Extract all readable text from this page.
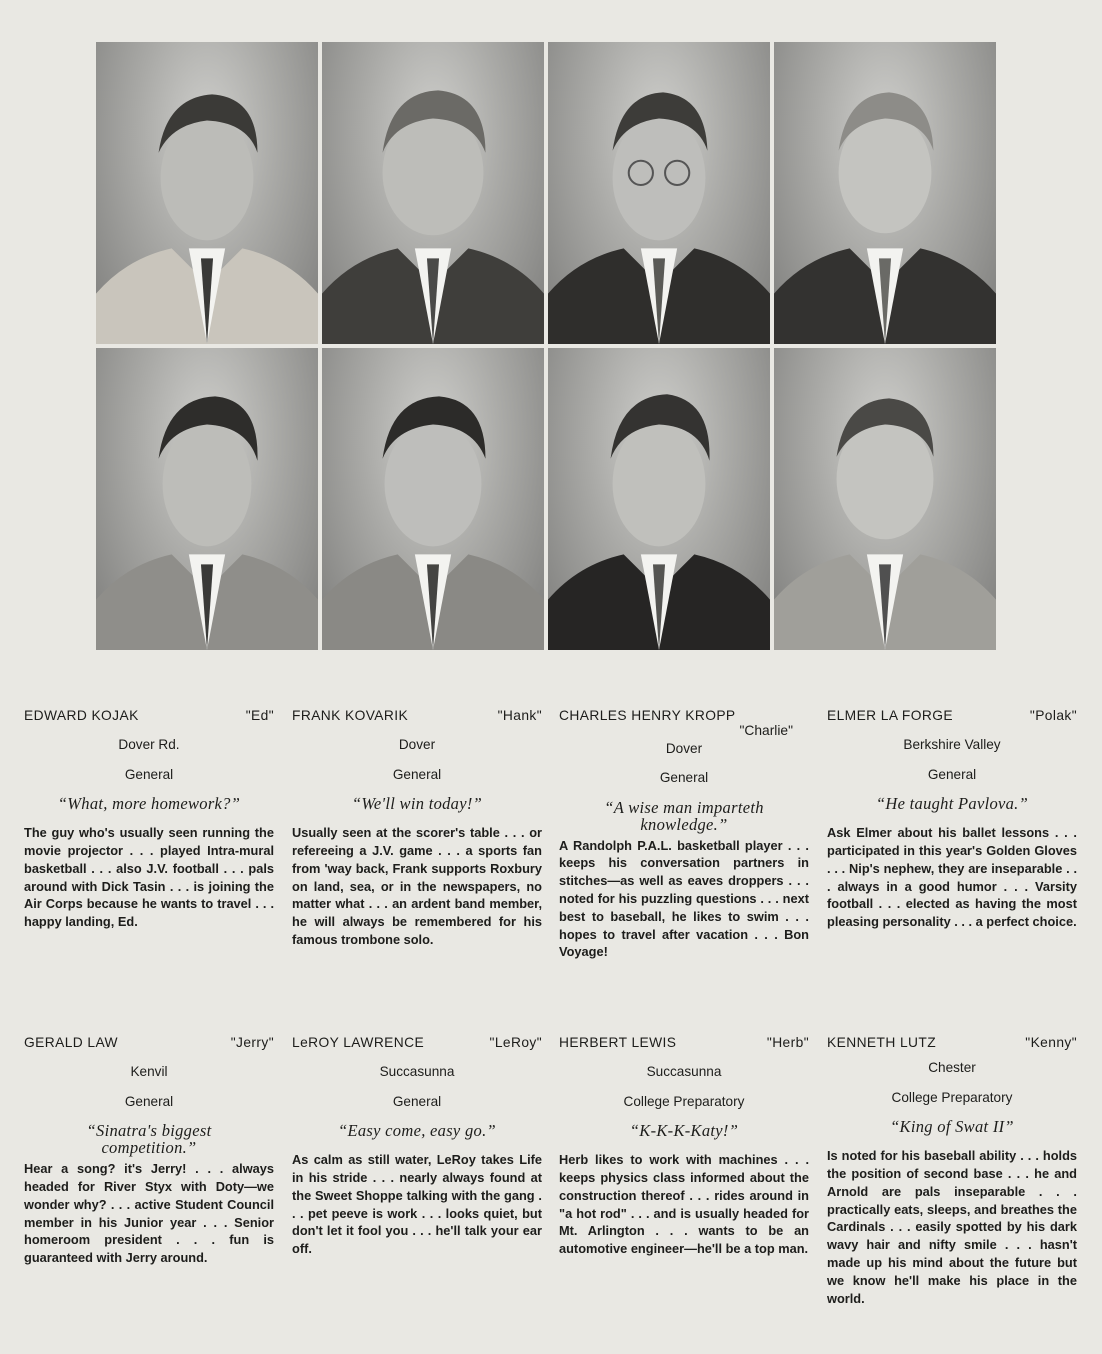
EDWARD KOJAK	"Ed"
Dover Rd.
General
“What, more homework?”
The guy who's usually seen running the movie projector . . . played Intra-mural basketball . . . also J.V. football . . . pals around with Dick Tasin . . . is joining the Air Corps because he wants to travel . . . happy landing, Ed.
FRANK KOVARIK	"Hank"
Dover
General
“We'll win today!”
Usually seen at the scorer's table . . . or refereeing a J.V. game . . . a sports fan from 'way back, Frank supports Roxbury on land, sea, or in the newspapers, no matter what . . . an ardent band member, he will always be remembered for his famous trombone solo.
CHARLES HENRY KROPP
"Charlie"
Dover
General
“A wise man imparteth knowledge.”
A Randolph P.A.L. basketball player . . . keeps his conversation partners in stitches—as well as eaves droppers . . . noted for his puzzling questions . . . next best to baseball, he likes to swim . . . hopes to travel after vacation . . . Bon Voyage!
ELMER LA FORGE	"Polak"
Berkshire Valley
General
“He taught Pavlova.”
Ask Elmer about his ballet lessons . . . participated in this year's Golden Gloves . . . Nip's nephew, they are inseparable . . . always in a good humor . . . Varsity football . . . elected as having the most pleasing personality . . . a perfect choice.
GERALD LAW	"Jerry"
Kenvil
General
“Sinatra's biggest competition.”
Hear a song? it's Jerry! . . . always headed for River Styx with Doty—we wonder why? . . . active Student Council member in his Junior year . . . Senior homeroom president . . . fun is guaranteed with Jerry around.
LeROY LAWRENCE	"LeRoy"
Succasunna
General
“Easy come, easy go.”
As calm as still water, LeRoy takes Life in his stride . . . nearly always found at the Sweet Shoppe talking with the gang . . . pet peeve is work . . . looks quiet, but don't let it fool you . . . he'll talk your ear off.
HERBERT LEWIS	"Herb"
Succasunna
College Preparatory
“K-K-K-Katy!”
Herb likes to work with machines . . . keeps physics class informed about the construction thereof . . . rides around in "a hot rod" . . . and is usually headed for Mt. Arlington . . . wants to be an automotive engineer—he'll be a top man.
KENNETH LUTZ	"Kenny"
Chester
College Preparatory
“King of Swat II”
Is noted for his baseball ability . . . holds the position of second base . . . he and Arnold are pals inseparable . . . practically eats, sleeps, and breathes the Cardinals . . . easily spotted by his dark wavy hair and nifty smile . . . hasn't made up his mind about the future but we know he'll make his place in the world.
